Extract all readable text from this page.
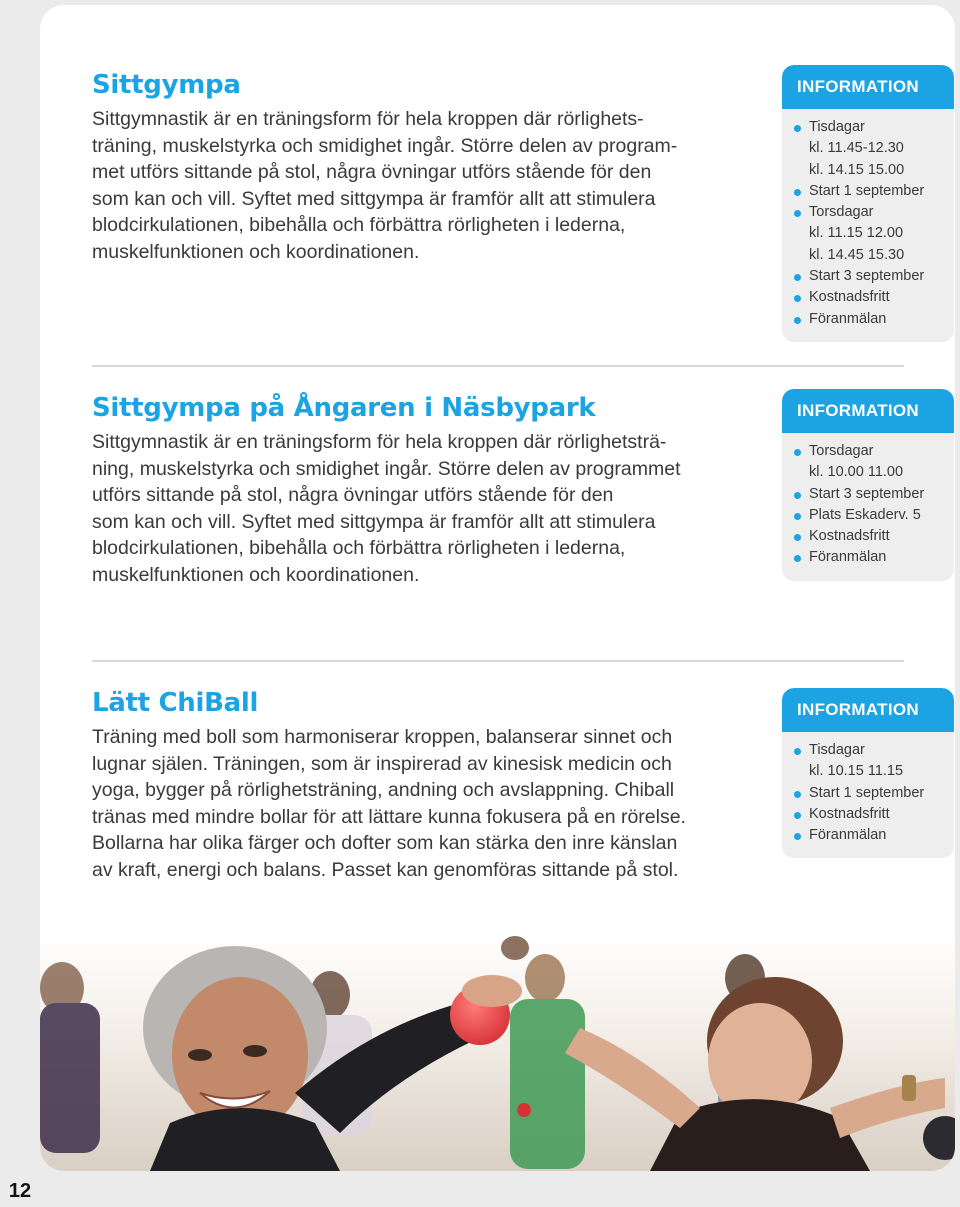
Sittgympa
Sittgymnastik är en träningsform för hela kroppen där rörlighets-
träning, muskelstyrka och smidighet ingår. Större delen av program-
met utförs sittande på stol, några övningar utförs stående för den
som kan och vill. Syftet med sittgympa är framför allt att stimulera
blodcirkulationen, bibehålla och förbättra rörligheten i lederna,
muskelfunktionen och koordinationen.
INFORMATION
Tisdagar
kl. 11.45-12.30
kl. 14.15 15.00
Start 1 september
Torsdagar
kl. 11.15 12.00
kl. 14.45 15.30
Start 3 september
Kostnadsfritt
Föranmälan
Sittgympa på Ångaren i Näsbypark
Sittgymnastik är en träningsform för hela kroppen där rörlighetsträ-
ning, muskelstyrka och smidighet ingår. Större delen av programmet
utförs sittande på stol, några övningar utförs stående för den
som kan och vill. Syftet med sittgympa är framför allt att stimulera
blodcirkulationen, bibehålla och förbättra rörligheten i lederna,
muskelfunktionen och koordinationen.
INFORMATION
Torsdagar
kl. 10.00 11.00
Start 3 september
Plats Eskaderv. 5
Kostnadsfritt
Föranmälan
Lätt ChiBall
Träning med boll som harmoniserar kroppen, balanserar sinnet och
lugnar själen. Träningen, som är inspirerad av kinesisk medicin och
yoga, bygger på rörlighetsträning, andning och avslappning. Chiball
tränas med mindre bollar för att lättare kunna fokusera på en rörelse.
Bollarna har olika färger och dofter som kan stärka den inre känslan
av kraft, energi och balans. Passet kan genomföras sittande på stol.
INFORMATION
Tisdagar
kl. 10.15 11.15
Start 1 september
Kostnadsfritt
Föranmälan
12
